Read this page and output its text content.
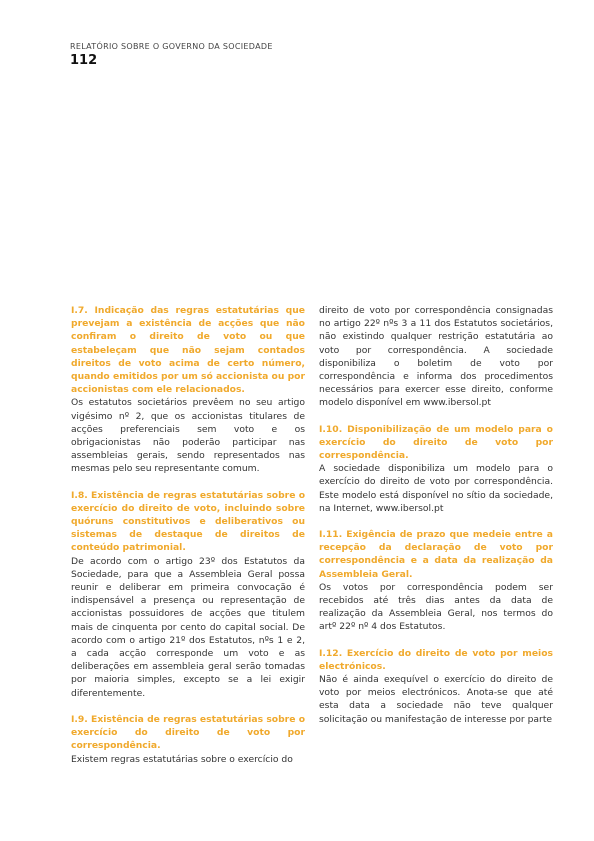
RELATÓRIO SOBRE O GOVERNO DA SOCIEDADE
112

I.7. Indicação das regras estatutárias que prevejam a existência de acções que não confiram o direito de voto ou que estabeleçam que não sejam contados direitos de voto acima de certo número, quando emitidos por um só accionista ou por accionistas com ele relacionados.

Os estatutos societários prevêem no seu artigo vigésimo nº 2, que os accionistas titulares de acções preferenciais sem voto e os obrigacionistas não poderão participar nas assembleias gerais, sendo representados nas mesmas pelo seu representante comum.

I.8. Existência de regras estatutárias sobre o exercício do direito de voto, incluindo sobre quóruns constitutivos e deliberativos ou sistemas de destaque de direitos de conteúdo patrimonial.

De acordo com o artigo 23º dos Estatutos da Sociedade, para que a Assembleia Geral possa reunir e deliberar em primeira convocação é indispensável a presença ou representação de accionistas possuidores de acções que titulem mais de cinquenta por cento do capital social. De acordo com o artigo 21º dos Estatutos, nºs 1 e 2, a cada acção corresponde um voto e as deliberações em assembleia geral serão tomadas por maioria simples, excepto se a lei exigir diferentemente.

I.9. Existência de regras estatutárias sobre o exercício do direito de voto por correspondência.

Existem regras estatutárias sobre o exercício do

direito de voto por correspondência consignadas no artigo 22º nºs 3 a 11 dos Estatutos societários, não existindo qualquer restrição estatutária ao voto por correspondência. A sociedade disponibiliza o boletim de voto por correspondência e informa dos procedimentos necessários para exercer esse direito, conforme modelo disponível em www.ibersol.pt

I.10. Disponibilização de um modelo para o exercício do direito de voto por correspondência.

A sociedade disponibiliza um modelo para o exercício do direito de voto por correspondência. Este modelo está disponível no sítio da sociedade, na Internet, www.ibersol.pt

I.11. Exigência de prazo que medeie entre a recepção da declaração de voto por correspondência e a data da realização da Assembleia Geral.

Os votos por correspondência podem ser recebidos até três dias antes da data de realização da Assembleia Geral, nos termos do artº 22º nº 4 dos Estatutos.

I.12. Exercício do direito de voto por meios electrónicos.

Não é ainda exequível o exercício do direito de voto por meios electrónicos. Anota-se que até esta data a sociedade não teve qualquer solicitação ou manifestação de interesse por parte
